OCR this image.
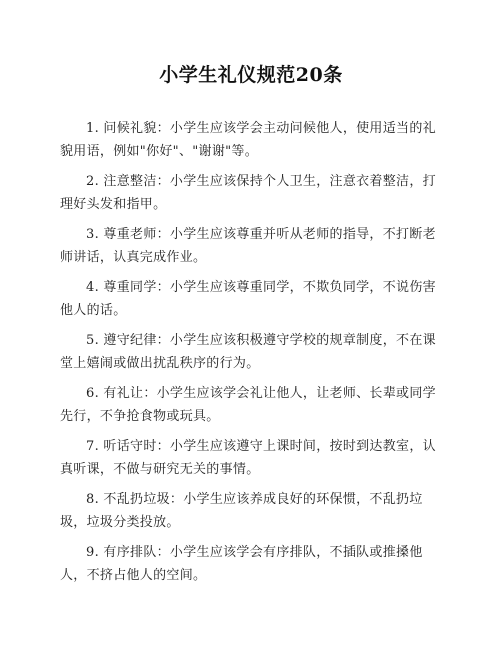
小学生礼仪规范20条

1. 问候礼貌：小学生应该学会主动问候他人，使用适当的礼貌用语，例如"你好"、"谢谢"等。

2. 注意整洁：小学生应该保持个人卫生，注意衣着整洁，打理好头发和指甲。

3. 尊重老师：小学生应该尊重并听从老师的指导，不打断老师讲话，认真完成作业。

4. 尊重同学：小学生应该尊重同学，不欺负同学，不说伤害他人的话。

5. 遵守纪律：小学生应该积极遵守学校的规章制度，不在课堂上嬉闹或做出扰乱秩序的行为。

6. 有礼让：小学生应该学会礼让他人，让老师、长辈或同学先行，不争抢食物或玩具。

7. 听话守时：小学生应该遵守上课时间，按时到达教室，认真听课，不做与研究无关的事情。

8. 不乱扔垃圾：小学生应该养成良好的环保惯，不乱扔垃圾，垃圾分类投放。

9. 有序排队：小学生应该学会有序排队，不插队或推搡他人，不挤占他人的空间。
